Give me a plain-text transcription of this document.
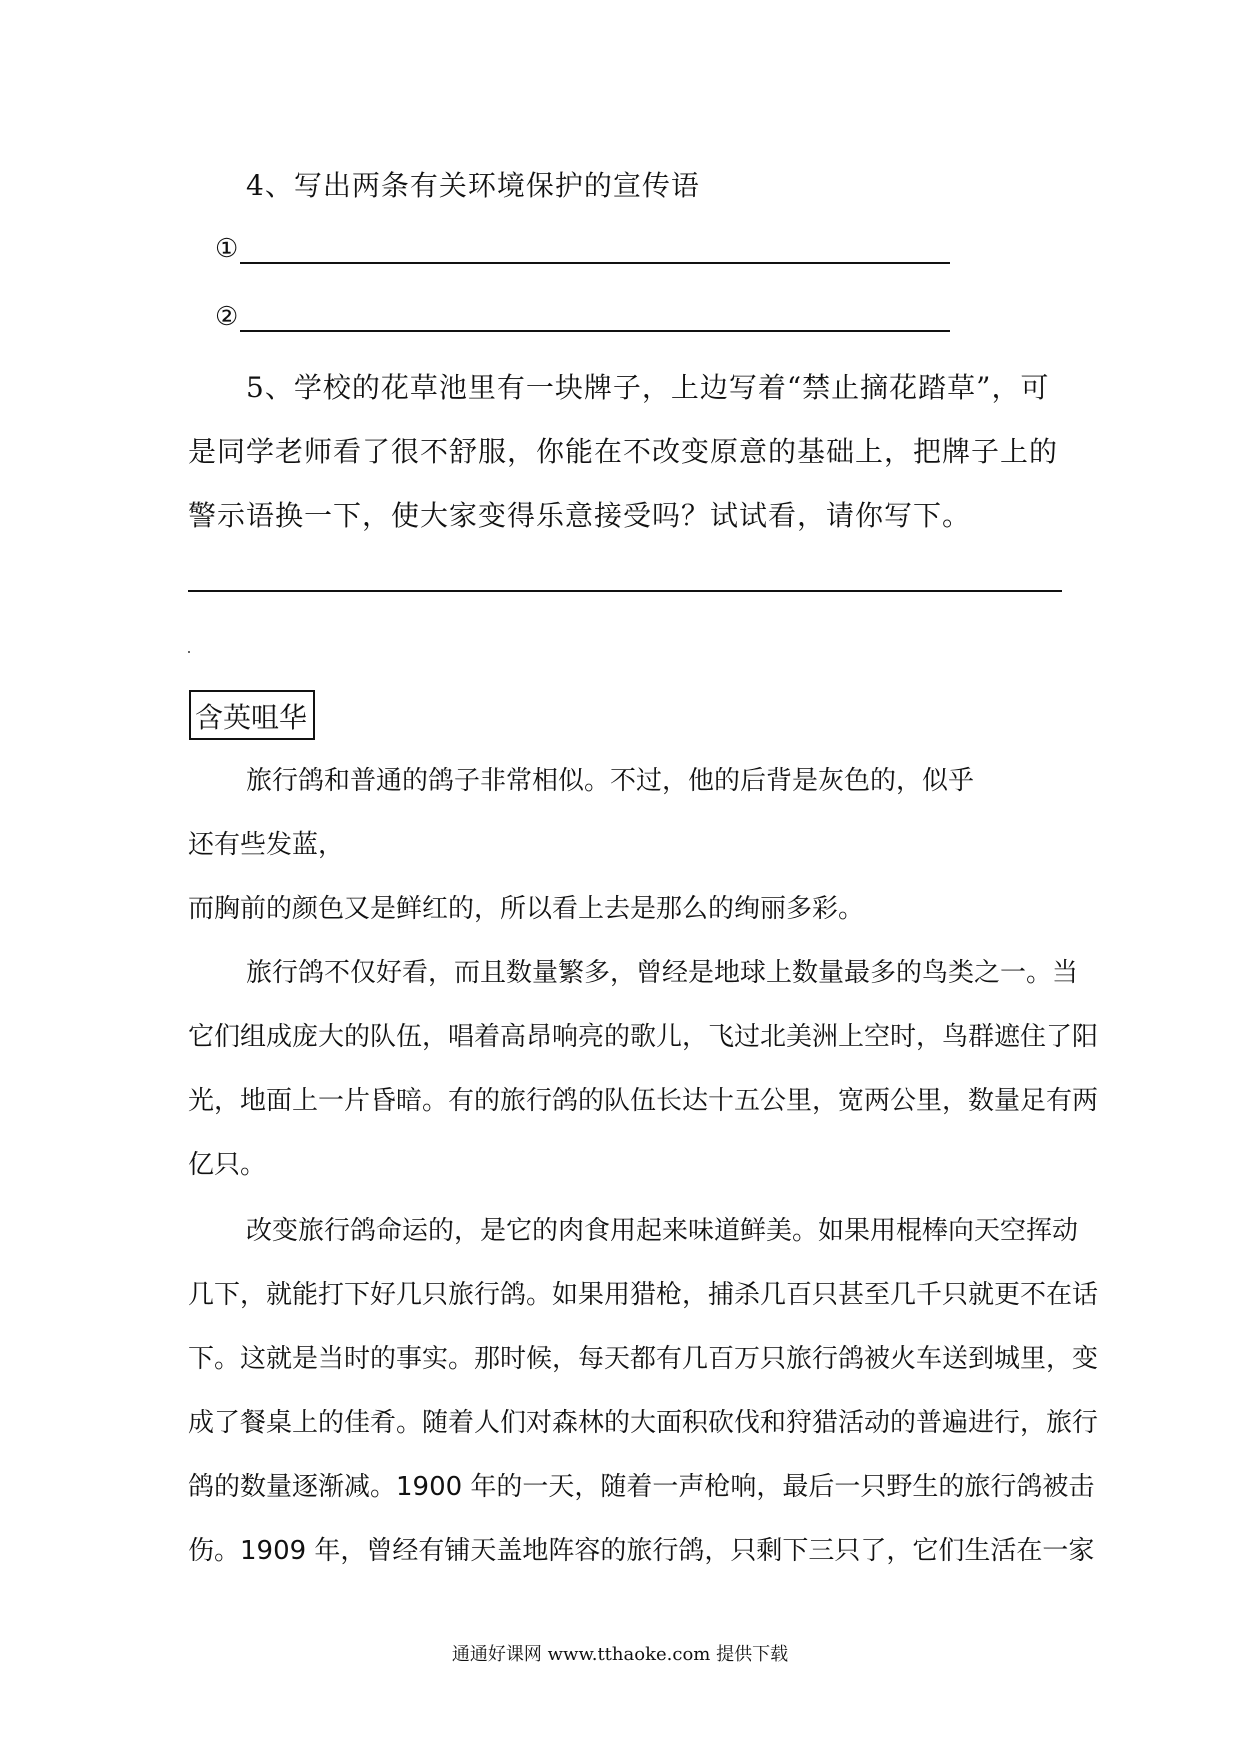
4、写出两条有关环境保护的宣传语
①
②
5、学校的花草池里有一块牌子，上边写着“禁止摘花踏草”，可
是同学老师看了很不舒服，你能在不改变原意的基础上，把牌子上的
警示语换一下，使大家变得乐意接受吗？试试看，请你写下。
含英咀华
旅行鸽和普通的鸽子非常相似。不过，他的后背是灰色的，似乎
还有些发蓝，
而胸前的颜色又是鲜红的，所以看上去是那么的绚丽多彩。
旅行鸽不仅好看，而且数量繁多，曾经是地球上数量最多的鸟类之一。当
它们组成庞大的队伍，唱着高昂响亮的歌儿，飞过北美洲上空时，鸟群遮住了阳
光，地面上一片昏暗。有的旅行鸽的队伍长达十五公里，宽两公里，数量足有两
亿只。
改变旅行鸽命运的，是它的肉食用起来味道鲜美。如果用棍棒向天空挥动
几下，就能打下好几只旅行鸽。如果用猎枪，捕杀几百只甚至几千只就更不在话
下。这就是当时的事实。那时候，每天都有几百万只旅行鸽被火车送到城里，变
成了餐桌上的佳肴。随着人们对森林的大面积砍伐和狩猎活动的普遍进行，旅行
鸽的数量逐渐减。1900 年的一天，随着一声枪响，最后一只野生的旅行鸽被击
伤。1909 年，曾经有铺天盖地阵容的旅行鸽，只剩下三只了，它们生活在一家
通通好课网 www.tthaoke.com 提供下载
